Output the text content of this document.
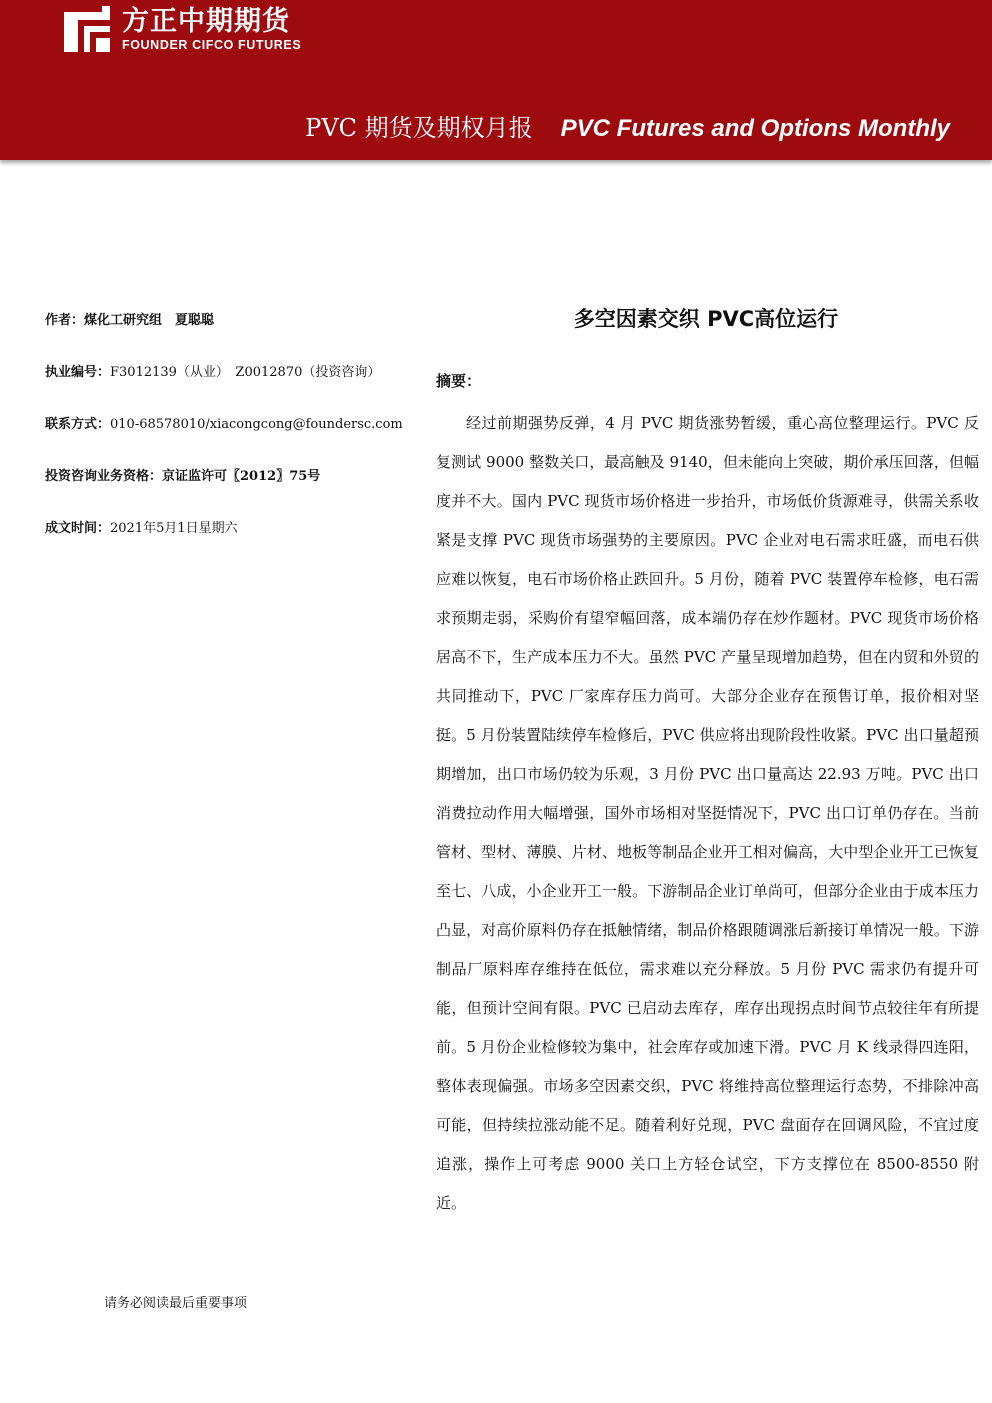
方正中期期货
FOUNDER CIFCO FUTURES
PVC 期货及期权月报 PVC Futures and Options Monthly
作者：煤化工研究组　夏聪聪
执业编号：F3012139（从业）　Z0012870（投资咨询）
联系方式：010-68578010/xiacongcong@foundersc.com
投资咨询业务资格：京证监许可〖2012〗75号
成文时间：2021年5月1日星期六
多空因素交织 PVC高位运行
摘要：

经过前期强势反弹，4 月 PVC 期货涨势暂缓，重心高位整理运行。PVC 反复测试 9000 整数关口，最高触及 9140，但未能向上突破，期价承压回落，但幅度并不大。国内 PVC 现货市场价格进一步抬升，市场低价货源难寻，供需关系收紧是支撑 PVC 现货市场强势的主要原因。PVC 企业对电石需求旺盛，而电石供应难以恢复，电石市场价格止跌回升。5 月份，随着 PVC 装置停车检修，电石需求预期走弱，采购价有望窄幅回落，成本端仍存在炒作题材。PVC 现货市场价格居高不下，生产成本压力不大。虽然 PVC 产量呈现增加趋势，但在内贸和外贸的共同推动下，PVC 厂家库存压力尚可。大部分企业存在预售订单，报价相对坚挺。5 月份装置陆续停车检修后，PVC 供应将出现阶段性收紧。PVC 出口量超预期增加，出口市场仍较为乐观，3 月份 PVC 出口量高达 22.93 万吨。PVC 出口消费拉动作用大幅增强，国外市场相对坚挺情况下，PVC 出口订单仍存在。当前管材、型材、薄膜、片材、地板等制品企业开工相对偏高，大中型企业开工已恢复至七、八成，小企业开工一般。下游制品企业订单尚可，但部分企业由于成本压力凸显，对高价原料仍存在抵触情绪，制品价格跟随调涨后新接订单情况一般。下游制品厂原料库存维持在低位，需求难以充分释放。5 月份 PVC 需求仍有提升可能，但预计空间有限。PVC 已启动去库存，库存出现拐点时间节点较往年有所提前。5 月份企业检修较为集中，社会库存或加速下滑。PVC 月 K 线录得四连阳，整体表现偏强。市场多空因素交织，PVC 将维持高位整理运行态势，不排除冲高可能，但持续拉涨动能不足。随着利好兑现，PVC 盘面存在回调风险，不宜过度追涨，操作上可考虑 9000 关口上方轻仓试空，下方支撑位在 8500-8550 附近。

请务必阅读最后重要事项
